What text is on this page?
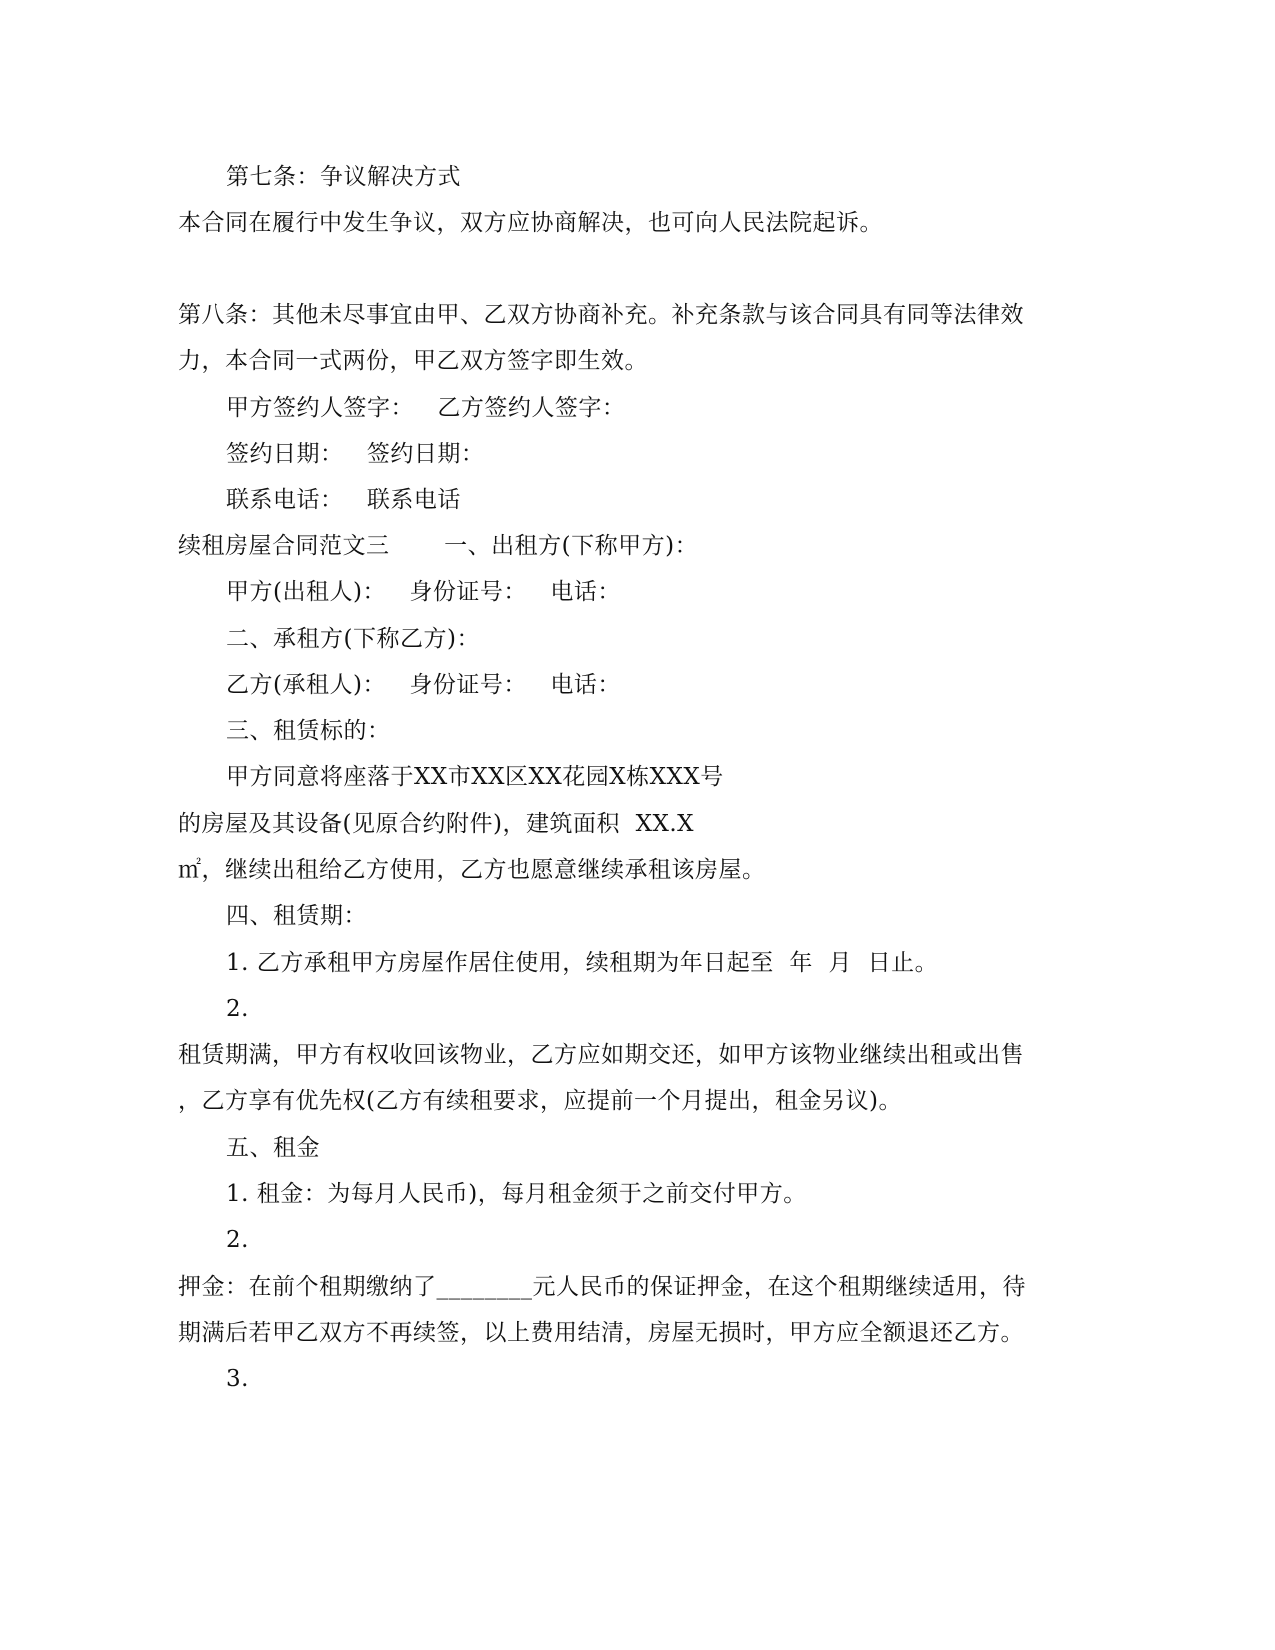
第七条：争议解决方式
本合同在履行中发生争议，双方应协商解决，也可向人民法院起诉。
第八条：其他未尽事宜由甲、乙双方协商补充。补充条款与该合同具有同等法律效
力，本合同一式两份，甲乙双方签字即生效。
甲方签约人签字：   乙方签约人签字：
签约日期：   签约日期：
联系电话：   联系电话
续租房屋合同范文三       一、出租方(下称甲方)：
甲方(出租人)：   身份证号：   电话：
二、承租方(下称乙方)：
乙方(承租人)：   身份证号：   电话：
三、租赁标的：
甲方同意将座落于XX市XX区XX花园X栋XXX号
的房屋及其设备(见原合约附件)，建筑面积  XX.X
㎡，继续出租给乙方使用，乙方也愿意继续承租该房屋。
四、租赁期：
1. 乙方承租甲方房屋作居住使用，续租期为年日起至  年  月  日止。
2.
租赁期满，甲方有权收回该物业，乙方应如期交还，如甲方该物业继续出租或出售
，乙方享有优先权(乙方有续租要求，应提前一个月提出，租金另议)。
五、租金
1. 租金：为每月人民币)，每月租金须于之前交付甲方。
2.
押金：在前个租期缴纳了________元人民币的保证押金，在这个租期继续适用，待
期满后若甲乙双方不再续签，以上费用结清，房屋无损时，甲方应全额退还乙方。
3.
